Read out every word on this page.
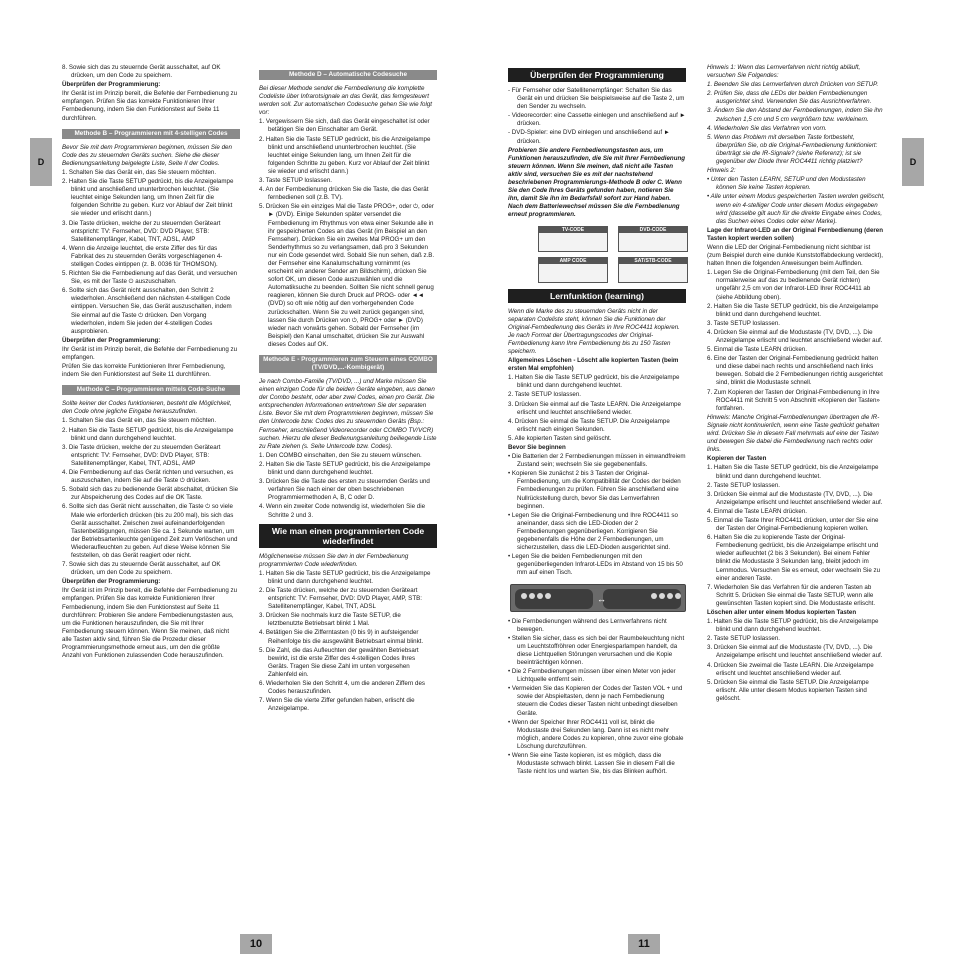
D

8. Sowie sich das zu steuernde Gerät ausschaltet, auf OK drücken, um den Code zu speichern.

Überprüfen der Programmierung:

Ihr Gerät ist im Prinzip bereit, die Befehle der Fernbedienung zu empfangen. Prüfen Sie das korrekte Funktionieren Ihrer Fernbedienung, indem Sie den Funktionstest auf Seite 11 durchführen.

Methode B – Programmieren mit 4-stelligen Codes

Bevor Sie mit dem Programmieren beginnen, müssen Sie den Code des zu steuernden Geräts suchen. Siehe die dieser Bedienungsanleitung beigelegte Liste, Seite II der Codes.

1. Schalten Sie das Gerät ein, das Sie steuern möchten.

2. Halten Sie die Taste SETUP gedrückt, bis die Anzeigelampe blinkt und anschließend ununterbrochen leuchtet. (Sie leuchtet einige Sekunden lang, um Ihnen Zeit für die folgenden Schritte zu geben. Kurz vor Ablauf der Zeit blinkt sie wieder und erlischt dann.)

3. Die Taste drücken, welche der zu steuernden Geräteart entspricht: TV: Fernseher, DVD: DVD Player, STB: Satellitenempfänger, Kabel, TNT, ADSL, AMP

4. Wenn die Anzeige leuchtet, die erste Ziffer des für das Fabrikat des zu steuernden Geräts vorgeschlagenen 4-stelligen Codes eintippen (z. B. 0036 für THOMSON).

5. Richten Sie die Fernbedienung auf das Gerät, und versuchen Sie, es mit der Taste ⏻ auszuschalten.

6. Sollte sich das Gerät nicht ausschalten, den Schritt 2 wiederholen. Anschließend den nächsten 4-stelligen Code eintippen. Versuchen Sie, das Gerät auszuschalten, indem Sie einmal auf die Taste ⏻ drücken. Den Vorgang wiederholen, indem Sie jeden der 4-stelligen Codes ausprobieren.

Überprüfen der Programmierung:

Ihr Gerät ist im Prinzip bereit, die Befehle der Fernbedienung zu empfangen.

Prüfen Sie das korrekte Funktionieren Ihrer Fernbedienung, indem Sie den Funktionstest auf Seite 11 durchführen.

Methode C – Programmieren mittels Code-Suche

Sollte keiner der Codes funktionieren, besteht die Möglichkeit, den Code ohne jegliche Eingabe herauszufinden.

1. Schalten Sie das Gerät ein, das Sie steuern möchten.

2. Halten Sie die Taste SETUP gedrückt, bis die Anzeigelampe blinkt und dann durchgehend leuchtet.

3. Die Taste drücken, welche der zu steuernden Geräteart entspricht: TV: Fernseher, DVD: DVD Player, STB: Satellitenempfänger, Kabel, TNT, ADSL, AMP

4. Die Fernbedienung auf das Gerät richten und versuchen, es auszuschalten, indem Sie auf die Taste ⏻ drücken.

5. Sobald sich das zu bedienende Gerät abschaltet, drücken Sie zur Abspeicherung des Codes auf die OK Taste.

6. Sollte sich das Gerät nicht ausschalten, die Taste ⏻ so viele Male wie erforderlich drücken (bis zu 200 mal), bis sich das Gerät ausschaltet. Zwischen zwei aufeinanderfolgenden Tastenbetätigungen, müssen Sie ca. 1 Sekunde warten, um der Betriebsartenleuchte genügend Zeit zum Verlöschen und Wiederaufleuchten zu geben. Auf diese Weise können Sie feststellen, ob das Gerät reagiert oder nicht.

7. Sowie sich das zu steuernde Gerät ausschaltet, auf OK drücken, um den Code zu speichern.

Überprüfen der Programmierung:

Ihr Gerät ist im Prinzip bereit, die Befehle der Fernbedienung zu empfangen. Prüfen Sie das korrekte Funktionieren Ihrer Fernbedienung, indem Sie den Funktionstest auf Seite 11 durchführen: Probieren Sie andere Fernbedienungstasten aus, um die Funktionen herauszufinden, die Sie mit Ihrer Fernbedienung steuern können. Wenn Sie meinen, daß nicht alle Tasten aktiv sind, führen Sie die Prozedur dieser Programmierungsmethode erneut aus, um den die größte Anzahl von Funktionen zulassenden Code herauszufinden.

Methode D – Automatische Codesuche

Bei dieser Methode sendet die Fernbedienung die komplette Codeliste über Infrarotsignale an das Gerät, das ferngesteuert werden soll. Zur automatischen Codesuche gehen Sie wie folgt vor:

1. Vergewissern Sie sich, daß das Gerät eingeschaltet ist oder betätigen Sie den Einschalter am Gerät.

2. Halten Sie die Taste SETUP gedrückt, bis die Anzeigelampe blinkt und anschließend ununterbrochen leuchtet. (Sie leuchtet einige Sekunden lang, um Ihnen Zeit für die folgenden Schritte zu geben. Kurz vor Ablauf der Zeit blinkt sie wieder und erlischt dann.)

3. Taste SETUP loslassen.

4. An der Fernbedienung drücken Sie die Taste, die das Gerät fernbedienen soll (z.B. TV).

5. Drücken Sie ein einziges Mal die Taste PROG+, oder ⏻, oder ► (DVD). Einige Sekunden später versendet die Fernbedienung im Rhythmus von etwa einer Sekunde alle in ihr gespeicherten Codes an das Gerät (im Beispiel an den Fernseher). Drücken Sie ein zweites Mal PROG+ um den Senderhythmus so zu verlangsamen, daß pro 3 Sekunden nur ein Code gesendet wird. Sobald Sie nun sehen, daß z.B. der Fernseher eine Kanalumschaltung vornimmt (es erscheint ein anderer Sender am Bildschirm), drücken Sie sofort OK, um diesen Code auszuwählen und die Automatiksuche zu beenden. Sollten Sie nicht schnell genug reagieren, können Sie durch Druck auf PROG- oder ◄◄ (DVD) so oft wie nötig auf den vorhergehenden Code zurückschalten. Wenn Sie zu weit zurück gegangen sind, lassen Sie durch Drücken von ⏻, PROG+ oder ► (DVD) wieder nach vorwärts gehen. Sobald der Fernseher (im Beispiel) den Kanal umschaltet, drücken Sie zur Auswahl dieses Codes auf OK.

Methode E - Programmieren zum Steuern eines COMBO (TV/DVD,...-Kombigerät)

Je nach Combo-Familie (TV/DVD, ...) und Marke müssen Sie einen einzigen Code für die beiden Geräte eingeben, aus denen der Combo besteht, oder aber zwei Codes, einen pro Gerät. Die entsprechenden Informationen entnehmen Sie der separaten Liste. Bevor Sie mit dem Programmieren beginnen, müssen Sie den Untercode bzw. Codes des zu steuernden Geräts (Bsp.: Fernseher, anschließend Videorecorder oder COMBO TV/VCR) suchen. Hierzu die dieser Bedienungsanleitung beiliegende Liste zu Rate ziehen (s. Seite Untercode bzw. Codes).

1. Den COMBO einschalten, den Sie zu steuern wünschen.

2. Halten Sie die Taste SETUP gedrückt, bis die Anzeigelampe blinkt und dann durchgehend leuchtet.

3. Drücken Sie die Taste des ersten zu steuernden Geräts und verfahren Sie nach einer der oben beschriebenen Programmiermethoden A, B, C oder D.

4. Wenn ein zweiter Code notwendig ist, wiederholen Sie die Schritte 2 und 3.

Wie man einen programmierten Code wiederfindet

Möglicherweise müssen Sie den in der Fernbedienung programmierten Code wiederfinden.

1. Halten Sie die Taste SETUP gedrückt, bis die Anzeigelampe blinkt und dann durchgehend leuchtet.

2. Die Taste drücken, welche der zu steuernden Geräteart entspricht: TV: Fernseher, DVD: DVD Player, AMP, STB: Satellitenempfänger, Kabel, TNT, ADSL

3. Drücken Sie nochmals kurz die Taste SETUP, die letztbenutzte Betriebsart blinkt 1 Mal.

4. Betätigen Sie die Zifferntasten (0 bis 9) in aufsteigender Reihenfolge bis die ausgewählt Betriebsart einmal blinkt.

5. Die Zahl, die das Aufleuchten der gewählten Betriebsart bewirkt, ist die erste Ziffer des 4-stelligen Codes Ihres Geräts. Tragen Sie diese Zahl im unten vorgesehen Zahlenfeld ein.

6. Wiederholen Sie den Schritt 4, um die anderen Ziffern des Codes herauszufinden.

7. Wenn Sie die vierte Ziffer gefunden haben, erlischt die Anzeigelampe.

10
Überprüfen der Programmierung

- Für Fernseher oder Satellitenempfänger: Schalten Sie das Gerät ein und drücken Sie beispielsweise auf die Taste 2, um den Sender zu wechseln.

- Videorecorder: eine Cassette einlegen und anschließend auf ► drücken.

- DVD-Spieler: eine DVD einlegen und anschließend auf ► drücken.

Probieren Sie andere Fernbedienungstasten aus, um Funktionen herauszufinden, die Sie mit Ihrer Fernbedienung steuern können. Wenn Sie meinen, daß nicht alle Tasten aktiv sind, versuchen Sie es mit der nachstehend beschriebenen Programmierungs-Methode B oder C. Wenn Sie den Code Ihres Geräts gefunden haben, notieren Sie ihn, damit Sie ihn im Bedarfsfall sofort zur Hand haben. Nach dem Batteriewechsel müssen Sie die Fernbedienung erneut programmieren.

TV-CODE	DVD-CODE
AMP CODE	SAT/STB-CODE
Lernfunktion (learning)

Wenn die Marke des zu steuernden Geräts nicht in der separaten Codeliste steht, können Sie die Funktionen der Original-Fernbedienung des Geräts in Ihre ROC4411 kopieren. Je nach Format der Übertragungscodes der Original-Fernbedienung kann Ihre Fernbedienung bis zu 150 Tasten speichern.

Allgemeines Löschen - Löscht alle kopierten Tasten (beim ersten Mal empfohlen)

1. Halten Sie die Taste SETUP gedrückt, bis die Anzeigelampe blinkt und dann durchgehend leuchtet.

2. Taste SETUP loslassen.

3. Drücken Sie einmal auf die Taste LEARN. Die Anzeigelampe erlischt und leuchtet anschließend wieder.

4. Drücken Sie einmal die Taste SETUP. Die Anzeigelampe erlischt nach einigen Sekunden.

5. Alle kopierten Tasten sind gelöscht.

Bevor Sie beginnen

• Die Batterien der 2 Fernbedienungen müssen in einwandfreiem Zustand sein; wechseln Sie sie gegebenenfalls.

• Kopieren Sie zunächst 2 bis 3 Tasten der Original-Fernbedienung, um die Kompatibilität der Codes der beiden Fernbedienungen zu prüfen. Führen Sie anschließend eine Nullrückstellung durch, bevor Sie das Lernverfahren beginnen.

• Legen Sie die Original-Fernbedienung und Ihre ROC4411 so aneinander, dass sich die LED-Dioden der 2 Fernbedienungen gegenüberliegen. Korrigieren Sie gegebenenfalls die Höhe der 2 Fernbedienungen, um sicherzustellen, dass die LED-Dioden ausgerichtet sind.

• Legen Sie die beiden Fernbedienungen mit den gegenüberliegenden Infrarot-LEDs im Abstand von 15 bis 50 mm auf einen Tisch.

↔

• Die Fernbedienungen während des Lernverfahrens nicht bewegen.

• Stellen Sie sicher, dass es sich bei der Raumbeleuchtung nicht um Leuchtstoffröhren oder Energiesparlampen handelt, da diese Lichtquellen Störungen verursachen und die Kopie beeinträchtigen können.

• Die 2 Fernbedienungen müssen über einen Meter von jeder Lichtquelle entfernt sein.

• Vermeiden Sie das Kopieren der Codes der Tasten VOL + und sowie der Abspieltasten, denn je nach Fernbedienung steuern die Codes dieser Tasten nicht unbedingt dieselben Geräte.

• Wenn der Speicher Ihrer ROC4411 voll ist, blinkt die Modustaste drei Sekunden lang. Dann ist es nicht mehr möglich, andere Codes zu kopieren, ohne zuvor eine globale Löschung durchzuführen.

• Wenn Sie eine Taste kopieren, ist es möglich, dass die Modustaste schwach blinkt. Lassen Sie in diesem Fall die Taste nicht los und warten Sie, bis das Blinken aufhört.

Hinweis 1: Wenn das Lernverfahren nicht richtig abläuft, versuchen Sie Folgendes:

1. Beenden Sie das Lernverfahren durch Drücken von SETUP.

2. Prüfen Sie, dass die LEDs der beiden Fernbedienungen ausgerichtet sind. Verwenden Sie das Ausrichtverfahren.

3. Ändern Sie den Abstand der Fernbedienungen, indem Sie ihn zwischen 1,5 cm und 5 cm vergrößern bzw. verkleinern.

4. Wiederholen Sie das Verfahren von vorn.

5. Wenn das Problem mit derselben Taste fortbesteht, überprüfen Sie, ob die Original-Fernbedienung funktioniert: überträgt sie die IR-Signale? (siehe Referenz); ist sie gegenüber der Diode Ihrer ROC4411 richtig platziert?

Hinweis 2:

• Unter den Tasten LEARN, SETUP und den Modustasten können Sie keine Tasten kopieren.

• Alle unter einem Modus gespeicherten Tasten werden gelöscht, wenn ein 4-stelliger Code unter diesem Modus eingegeben wird (dasselbe gilt auch für die direkte Eingabe eines Codes, das Suchen eines Codes oder einer Marke).

Lage der Infrarot-LED an der Original Fernbedienung (deren Tasten kopiert werden sollen)

Wenn die LED der Original-Fernbedienung nicht sichtbar ist (zum Beispiel durch eine dunkle Kunststoffabdeckung verdeckt), halten Ihnen die folgenden Anweisungen beim Auffinden.

1. Legen Sie die Original-Fernbedienung (mit dem Teil, den Sie normalerweise auf das zu bedienende Gerät richten) ungefähr 2,5 cm von der Infrarot-LED Ihrer ROC4411 ab (siehe Abbildung oben).

2. Halten Sie die Taste SETUP gedrückt, bis die Anzeigelampe blinkt und dann durchgehend leuchtet.

3. Taste SETUP loslassen.

4. Drücken Sie einmal auf die Modustaste (TV, DVD, ...). Die Anzeigelampe erlischt und leuchtet anschließend wieder auf.

5. Einmal die Taste LEARN drücken.

6. Eine der Tasten der Original-Fernbedienung gedrückt halten und diese dabei nach rechts und anschließend nach links bewegen. Sobald die 2 Fernbedienungen richtig ausgerichtet sind, blinkt die Modustaste schnell.

7. Zum Kopieren der Tasten der Original-Fernbedienung in Ihre ROC4411 mit Schritt 5 von Abschnitt «Kopieren der Tasten» fortfahren.

Hinweis: Manche Original-Fernbedienungen übertragen die IR-Signale nicht kontinuierlich, wenn eine Taste gedrückt gehalten wird. Drücken Sie in diesem Fall mehrmals auf eine der Tasten und bewegen Sie dabei die Fernbedienung nach rechts oder links.

Kopieren der Tasten

1. Halten Sie die Taste SETUP gedrückt, bis die Anzeigelampe blinkt und dann durchgehend leuchtet.

2. Taste SETUP loslassen.

3. Drücken Sie einmal auf die Modustaste (TV, DVD, ...). Die Anzeigelampe erlischt und leuchtet anschließend wieder auf.

4. Einmal die Taste LEARN drücken.

5. Einmal die Taste Ihrer ROC4411 drücken, unter der Sie eine der Tasten der Original-Fernbedienung kopieren wollen.

6. Halten Sie die zu kopierende Taste der Original-Fernbedienung gedrückt, bis die Anzeigelampe erlischt und wieder aufleuchtet (2 bis 3 Sekunden). Bei einem Fehler blinkt die Modustaste 3 Sekunden lang, bleibt jedoch im Lernmodus. Versuchen Sie es erneut, oder wechseln Sie zu einer anderen Taste.

7. Wiederholen Sie das Verfahren für die anderen Tasten ab Schritt 5. Drücken Sie einmal die Taste SETUP, wenn alle gewünschten Tasten kopiert sind. Die Modustaste erlischt.

Löschen aller unter einem Modus kopierten Tasten

1. Halten Sie die Taste SETUP gedrückt, bis die Anzeigelampe blinkt und dann durchgehend leuchtet.

2. Taste SETUP loslassen.

3. Drücken Sie einmal auf die Modustaste (TV, DVD, ...). Die Anzeigelampe erlischt und leuchtet anschließend wieder auf.

4. Drücken Sie zweimal die Taste LEARN. Die Anzeigelampe erlischt und leuchtet anschließend wieder auf.

5. Drücken Sie einmal die Taste SETUP. Die Anzeigelampe erlischt. Alle unter diesem Modus kopierten Tasten sind gelöscht.

D
11
